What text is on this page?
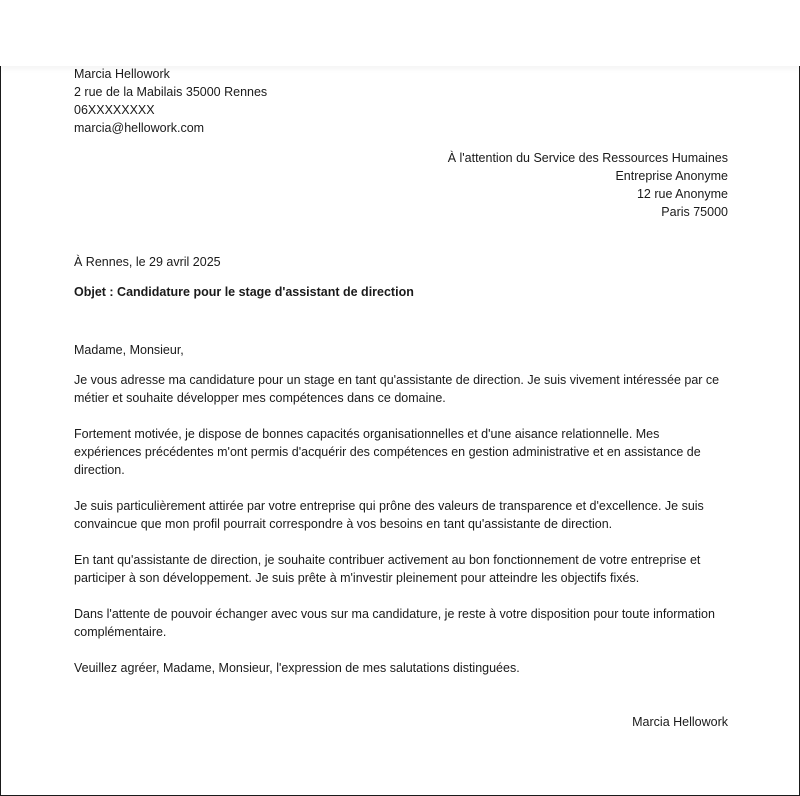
Marcia Hellowork
2 rue de la Mabilais 35000 Rennes
06XXXXXXXX
marcia@hellowork.com
À l'attention du Service des Ressources Humaines
Entreprise Anonyme
12 rue Anonyme
Paris 75000
À Rennes, le 29 avril 2025
Objet : Candidature pour le stage d'assistant de direction
Madame, Monsieur,
Je vous adresse ma candidature pour un stage en tant qu'assistante de direction. Je suis vivement intéressée par ce métier et souhaite développer mes compétences dans ce domaine.
Fortement motivée, je dispose de bonnes capacités organisationnelles et d'une aisance relationnelle. Mes expériences précédentes m'ont permis d'acquérir des compétences en gestion administrative et en assistance de direction.
Je suis particulièrement attirée par votre entreprise qui prône des valeurs de transparence et d'excellence. Je suis convaincue que mon profil pourrait correspondre à vos besoins en tant qu'assistante de direction.
En tant qu'assistante de direction, je souhaite contribuer activement au bon fonctionnement de votre entreprise et participer à son développement. Je suis prête à m'investir pleinement pour atteindre les objectifs fixés.
Dans l'attente de pouvoir échanger avec vous sur ma candidature, je reste à votre disposition pour toute information complémentaire.
Veuillez agréer, Madame, Monsieur, l'expression de mes salutations distinguées.
Marcia Hellowork
